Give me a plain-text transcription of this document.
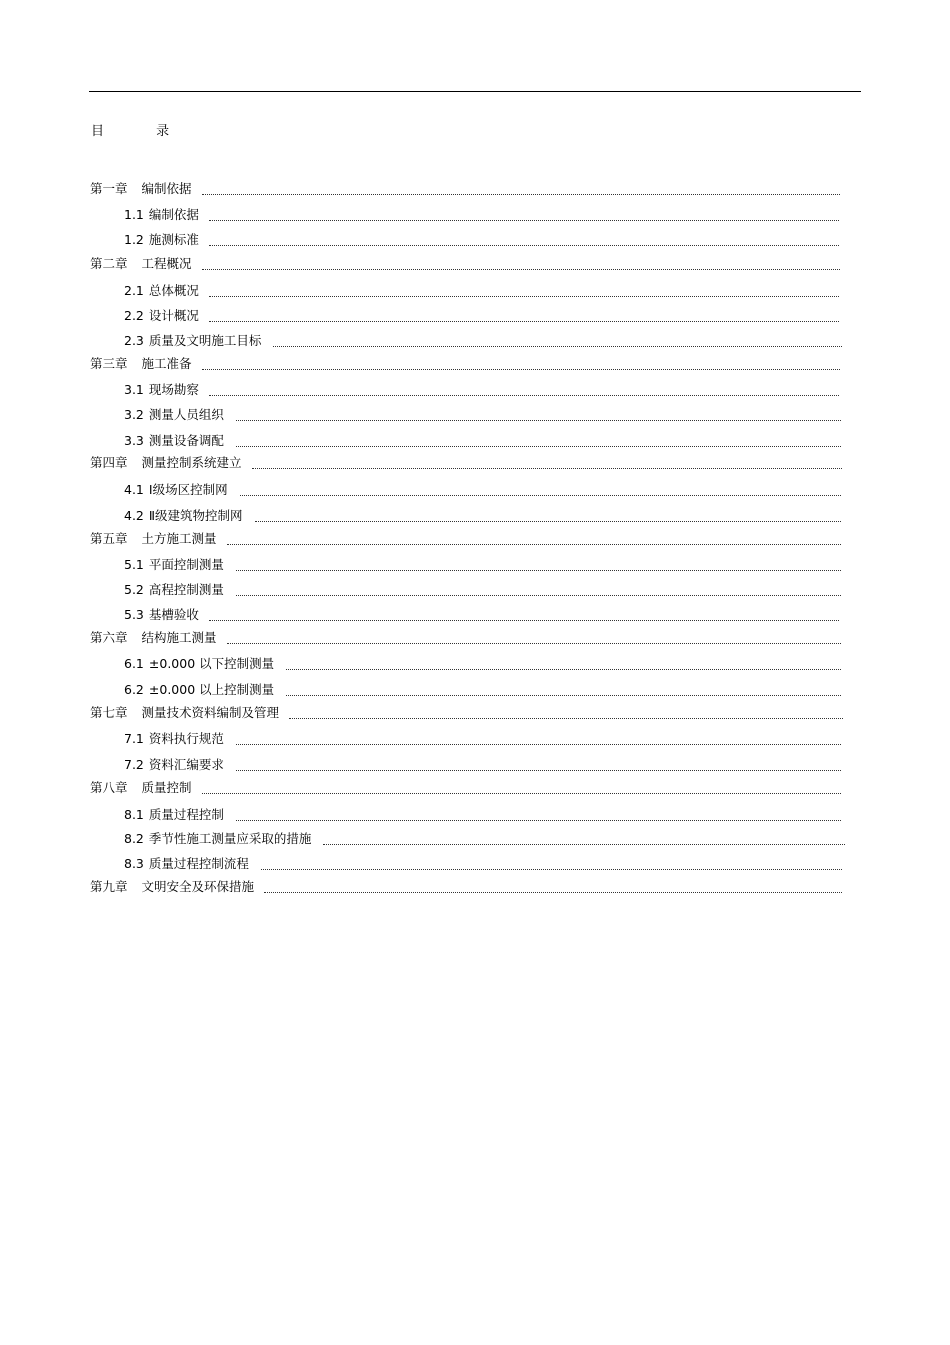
目 录
第一章 编制依据
1.1 编制依据
1.2 施测标准
第二章 工程概况
2.1 总体概况
2.2 设计概况
2.3 质量及文明施工目标
第三章 施工准备
3.1 现场勘察
3.2 测量人员组织
3.3 测量设备调配
第四章 测量控制系统建立
4.1 Ⅰ级场区控制网
4.2 Ⅱ级建筑物控制网
第五章 土方施工测量
5.1 平面控制测量
5.2 高程控制测量
5.3 基槽验收
第六章 结构施工测量
6.1 ±0.000 以下控制测量
6.2 ±0.000 以上控制测量
第七章 测量技术资料编制及管理
7.1 资料执行规范
7.2 资料汇编要求
第八章 质量控制
8.1 质量过程控制
8.2 季节性施工测量应采取的措施
8.3 质量过程控制流程
第九章 文明安全及环保措施
